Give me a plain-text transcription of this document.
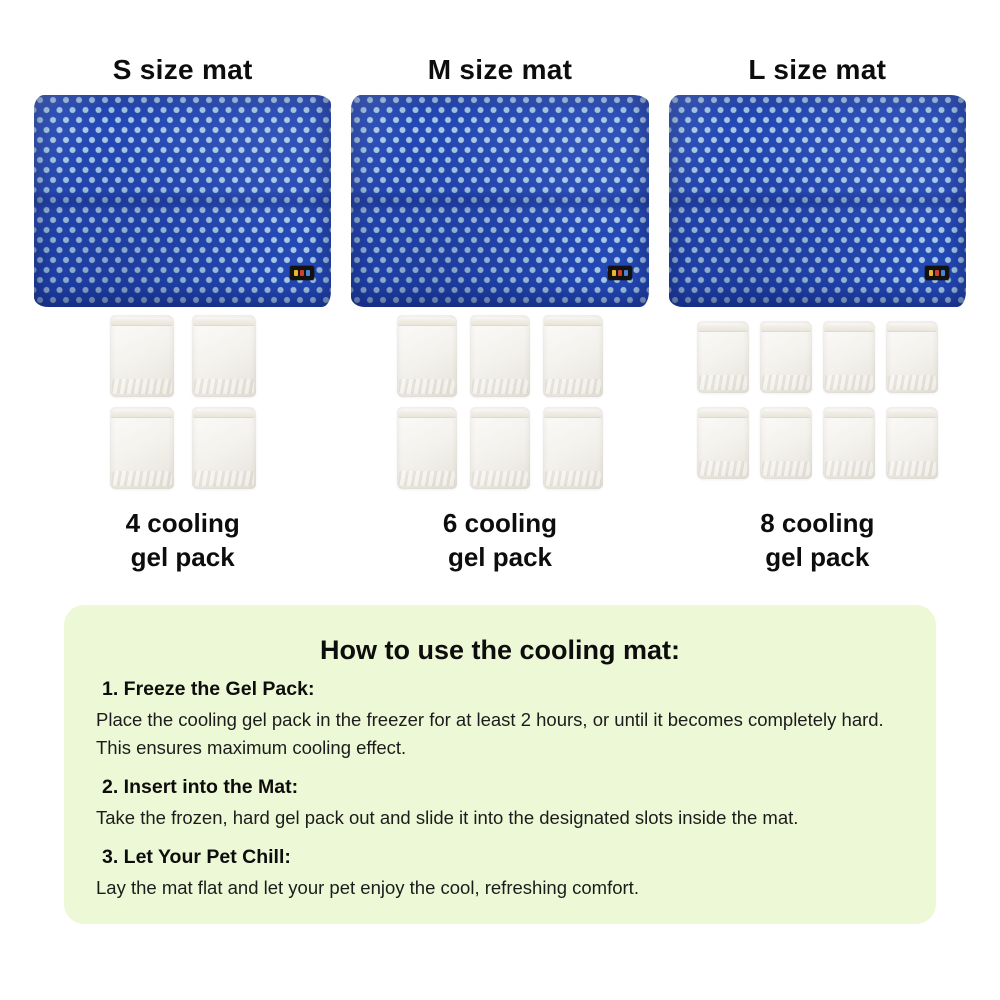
S size mat
4 cooling
gel pack
M size mat
6 cooling
gel pack
L size mat
8 cooling
gel pack
How to use the cooling mat:
1. Freeze the Gel Pack:

Place the cooling gel pack in the freezer for at least 2 hours, or until it becomes completely hard. This ensures maximum cooling effect.

2. Insert into the Mat:

Take the frozen, hard gel pack out and slide it into the designated slots inside the mat.

3. Let Your Pet Chill:

Lay the mat flat and let your pet enjoy the cool, refreshing comfort.
